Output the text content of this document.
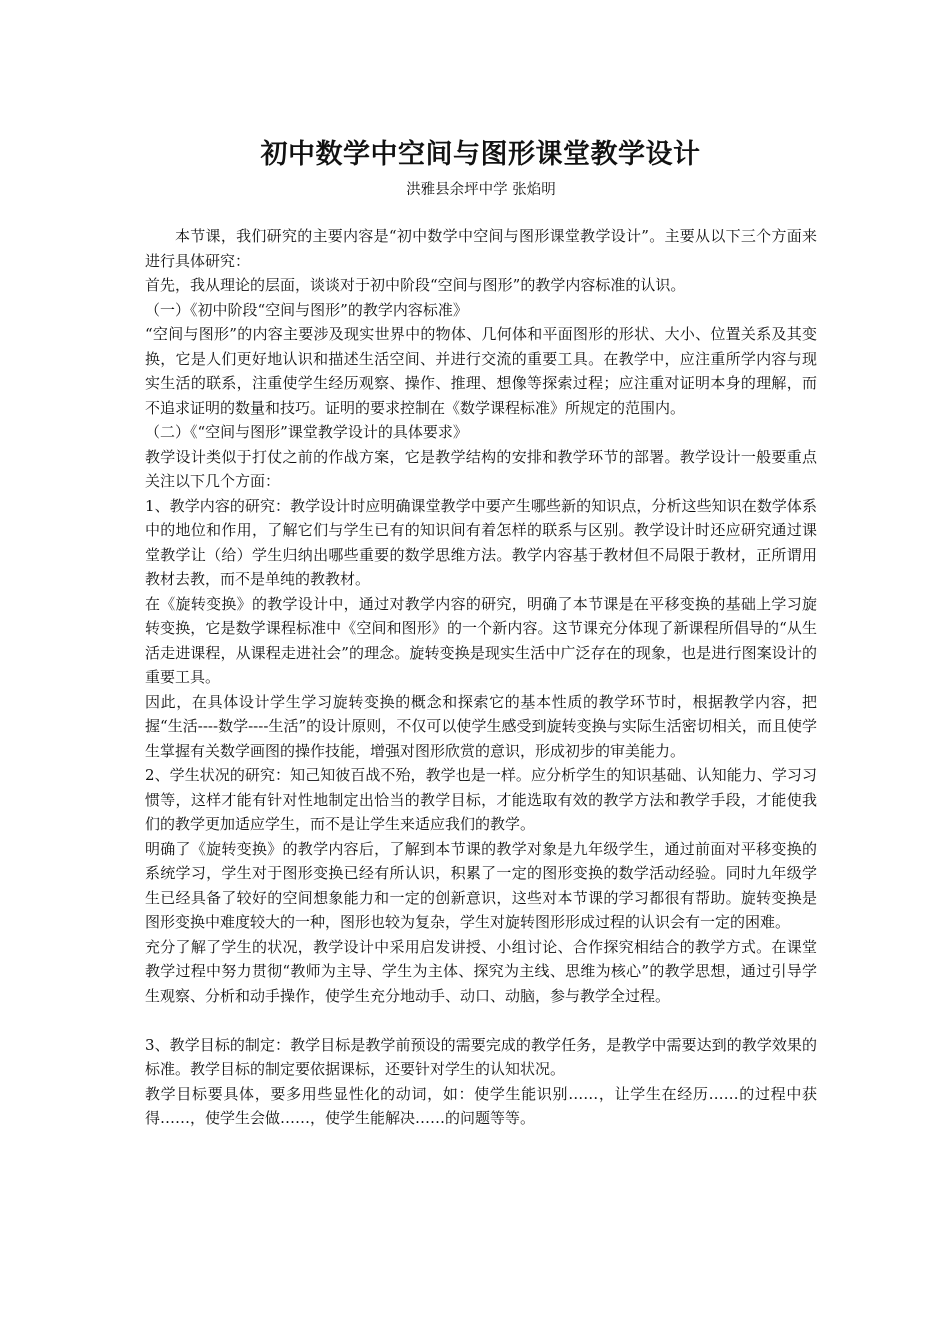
初中数学中空间与图形课堂教学设计
洪雅县余坪中学 张焰明

本节课，我们研究的主要内容是“初中数学中空间与图形课堂教学设计”。主要从以下三个方面来进行具体研究：

首先，我从理论的层面，谈谈对于初中阶段“空间与图形”的教学内容标准的认识。

（一）《初中阶段“空间与图形”的教学内容标准》

“空间与图形”的内容主要涉及现实世界中的物体、几何体和平面图形的形状、大小、位置关系及其变换，它是人们更好地认识和描述生活空间、并进行交流的重要工具。在教学中，应注重所学内容与现实生活的联系，注重使学生经历观察、操作、推理、想像等探索过程；应注重对证明本身的理解，而不追求证明的数量和技巧。证明的要求控制在《数学课程标准》所规定的范围内。

（二）《“空间与图形”课堂教学设计的具体要求》

教学设计类似于打仗之前的作战方案，它是教学结构的安排和教学环节的部署。教学设计一般要重点关注以下几个方面：

1、教学内容的研究：教学设计时应明确课堂教学中要产生哪些新的知识点，分析这些知识在数学体系中的地位和作用，了解它们与学生已有的知识间有着怎样的联系与区别。教学设计时还应研究通过课堂教学让（给）学生归纳出哪些重要的数学思维方法。教学内容基于教材但不局限于教材，正所谓用教材去教，而不是单纯的教教材。

在《旋转变换》的教学设计中，通过对教学内容的研究，明确了本节课是在平移变换的基础上学习旋转变换，它是数学课程标准中《空间和图形》的一个新内容。这节课充分体现了新课程所倡导的“从生活走进课程，从课程走进社会”的理念。旋转变换是现实生活中广泛存在的现象，也是进行图案设计的重要工具。

因此，在具体设计学生学习旋转变换的概念和探索它的基本性质的教学环节时，根据教学内容，把握“生活----数学----生活”的设计原则，不仅可以使学生感受到旋转变换与实际生活密切相关，而且使学生掌握有关数学画图的操作技能，增强对图形欣赏的意识，形成初步的审美能力。

2、学生状况的研究：知己知彼百战不殆，教学也是一样。应分析学生的知识基础、认知能力、学习习惯等，这样才能有针对性地制定出恰当的教学目标，才能选取有效的教学方法和教学手段，才能使我们的教学更加适应学生，而不是让学生来适应我们的教学。

明确了《旋转变换》的教学内容后，了解到本节课的教学对象是九年级学生，通过前面对平移变换的系统学习，学生对于图形变换已经有所认识，积累了一定的图形变换的数学活动经验。同时九年级学生已经具备了较好的空间想象能力和一定的创新意识，这些对本节课的学习都很有帮助。旋转变换是图形变换中难度较大的一种，图形也较为复杂，学生对旋转图形形成过程的认识会有一定的困难。

充分了解了学生的状况，教学设计中采用启发讲授、小组讨论、合作探究相结合的教学方式。在课堂教学过程中努力贯彻“教师为主导、学生为主体、探究为主线、思维为核心”的教学思想，通过引导学生观察、分析和动手操作，使学生充分地动手、动口、动脑，参与教学全过程。

3、教学目标的制定：教学目标是教学前预设的需要完成的教学任务，是教学中需要达到的教学效果的标准。教学目标的制定要依据课标，还要针对学生的认知状况。

教学目标要具体，要多用些显性化的动词，如：使学生能识别……，让学生在经历……的过程中获得……，使学生会做……，使学生能解决……的问题等等。
